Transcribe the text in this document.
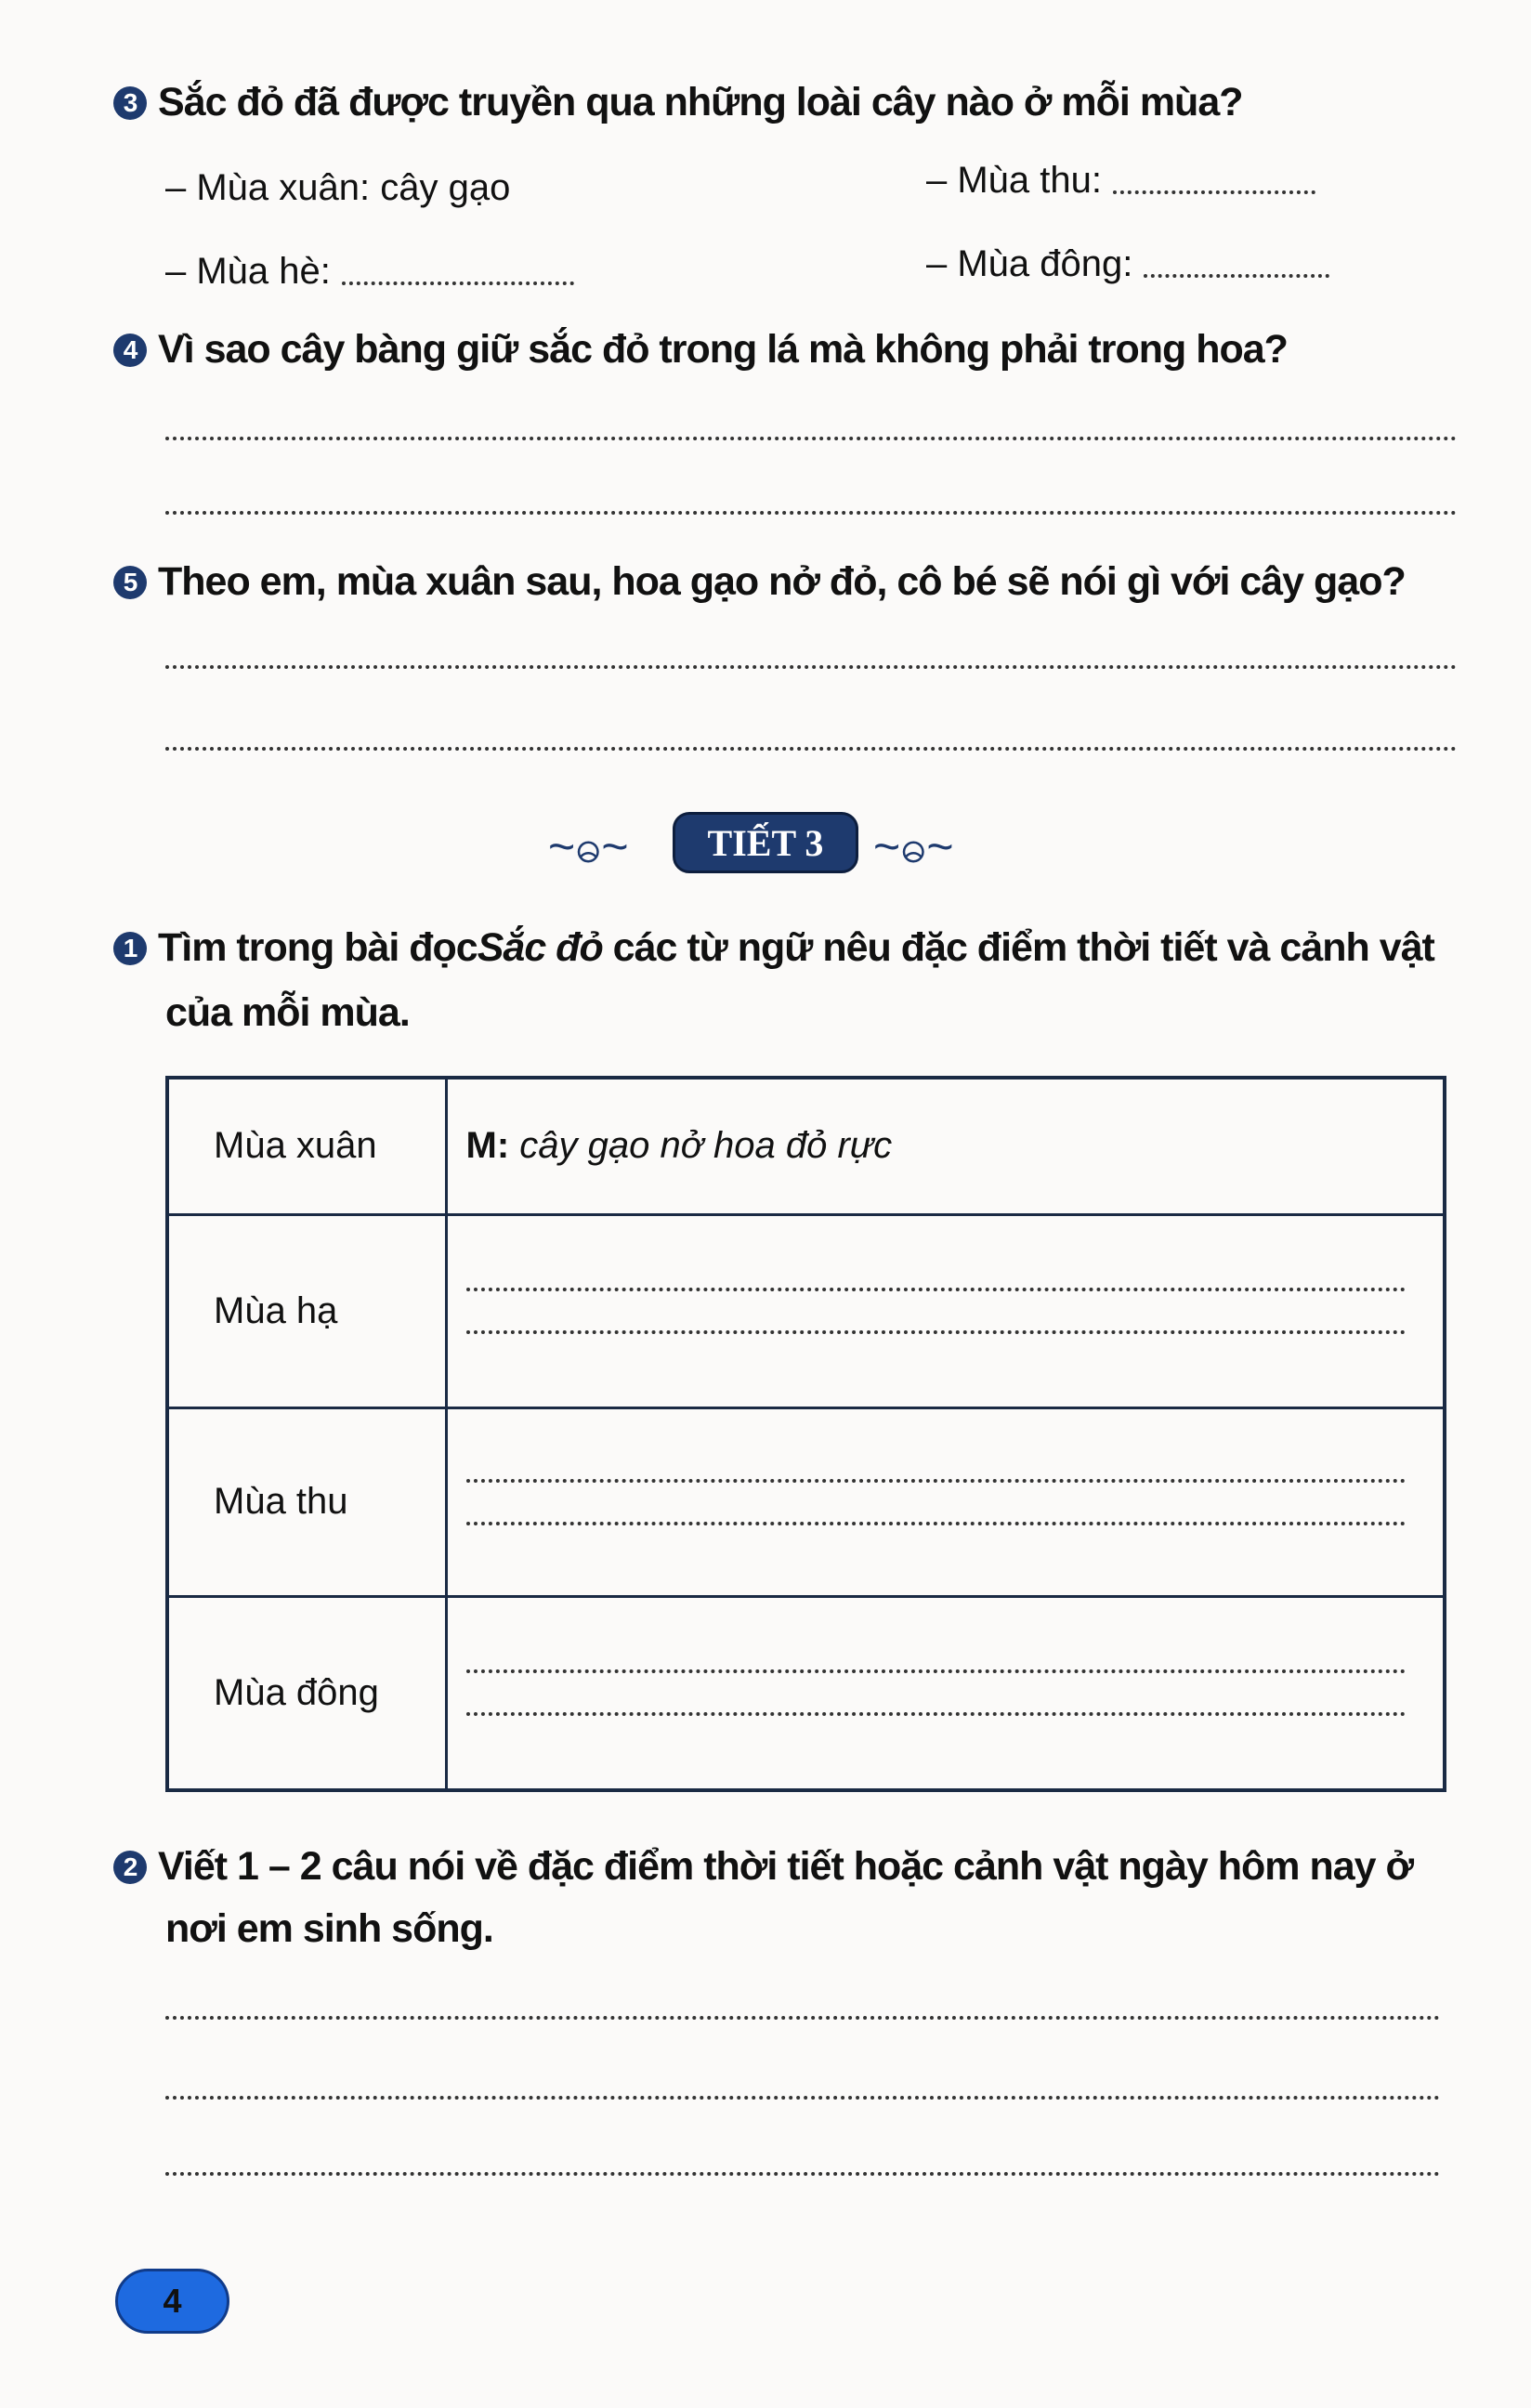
3 Sắc đỏ đã được truyền qua những loài cây nào ở mỗi mùa?
– Mùa xuân: cây gạo	– Mùa thu:
– Mùa hè:	– Mùa đông:
4 Vì sao cây bàng giữ sắc đỏ trong lá mà không phải trong hoa?
5 Theo em, mùa xuân sau, hoa gạo nở đỏ, cô bé sẽ nói gì với cây gạo?
~ဓ~	TIẾT 3	~ဓ~
1 Tìm trong bài đọc Sắc đỏ các từ ngữ nêu đặc điểm thời tiết và cảnh vật
của mỗi mùa.
Mùa xuân	M: cây gạo nở hoa đỏ rực
Mùa hạ	

Mùa thu	

Mùa đông	
2 Viết 1 – 2 câu nói về đặc điểm thời tiết hoặc cảnh vật ngày hôm nay ở
nơi em sinh sống.
4
